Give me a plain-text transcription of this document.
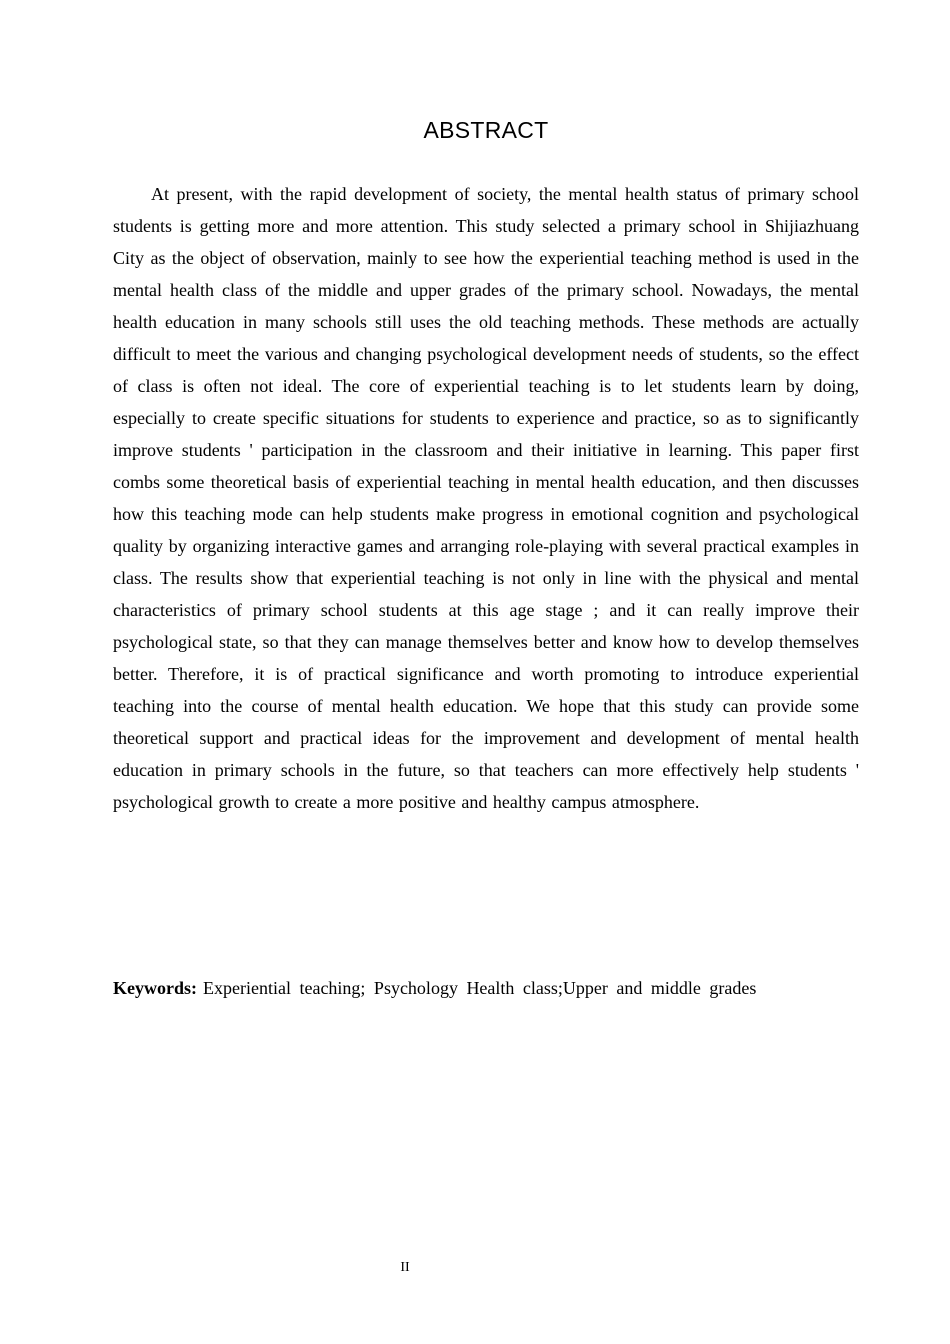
ABSTRACT

At present, with the rapid development of society, the mental health status of primary school students is getting more and more attention. This study selected a primary school in Shijiazhuang City as the object of observation, mainly to see how the experiential teaching method is used in the mental health class of the middle and upper grades of the primary school. Nowadays, the mental health education in many schools still uses the old teaching methods. These methods are actually difficult to meet the various and changing psychological development needs of students, so the effect of class is often not ideal. The core of experiential teaching is to let students learn by doing, especially to create specific situations for students to experience and practice, so as to significantly improve students ' participation in the classroom and their initiative in learning. This paper first combs some theoretical basis of experiential teaching in mental health education, and then discusses how this teaching mode can help students make progress in emotional cognition and psychological quality by organizing interactive games and arranging role-playing with several practical examples in class. The results show that experiential teaching is not only in line with the physical and mental characteristics of primary school students at this age stage ; and it can really improve their psychological state, so that they can manage themselves better and know how to develop themselves better. Therefore, it is of practical significance and worth promoting to introduce experiential teaching into the course of mental health education. We hope that this study can provide some theoretical support and practical ideas for the improvement and development of mental health education in primary schools in the future, so that teachers can more effectively help students ' psychological growth to create a more positive and healthy campus atmosphere.

Keywords: Experiential teaching; Psychology Health class;Upper and middle grades

II
